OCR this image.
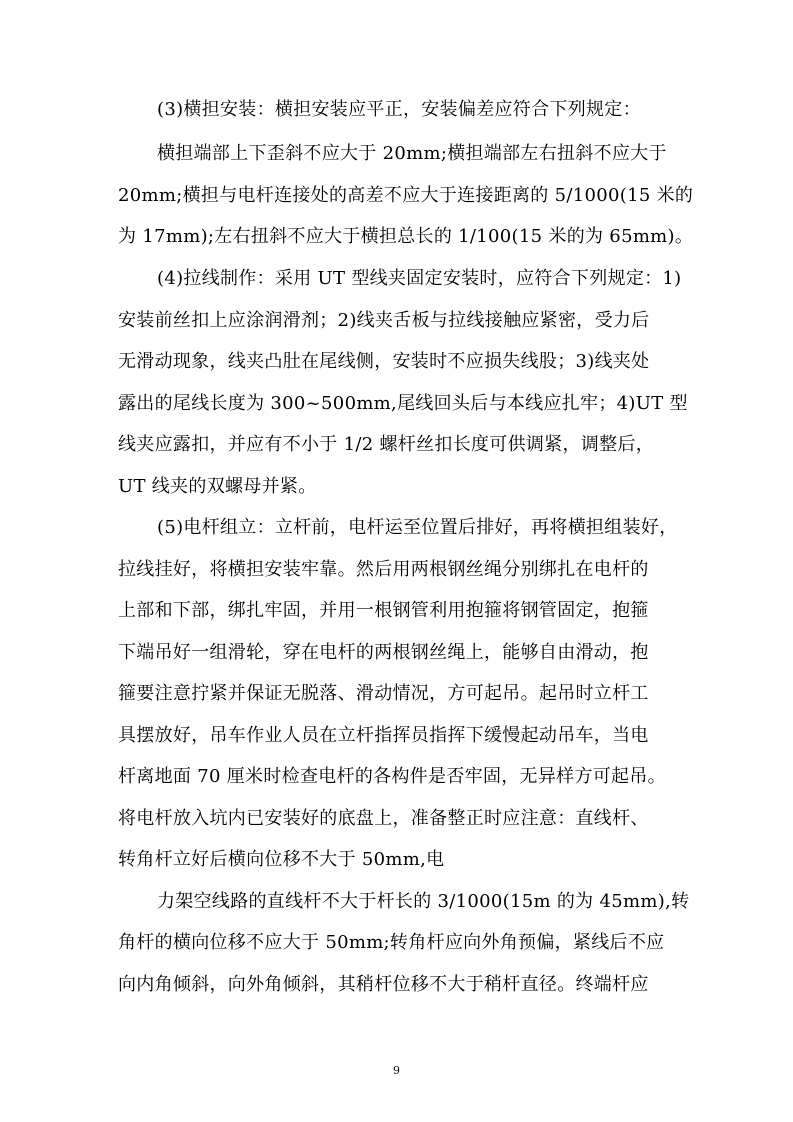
(3)横担安装：横担安装应平正，安装偏差应符合下列规定：
横担端部上下歪斜不应大于 20mm;横担端部左右扭斜不应大于
20mm;横担与电杆连接处的高差不应大于连接距离的 5/1000(15 米的
为 17mm);左右扭斜不应大于横担总长的 1/100(15 米的为 65mm)。
(4)拉线制作：采用 UT 型线夹固定安装时，应符合下列规定：1)
安装前丝扣上应涂润滑剂；2)线夹舌板与拉线接触应紧密，受力后
无滑动现象，线夹凸肚在尾线侧，安装时不应损失线股；3)线夹处
露出的尾线长度为 300~500mm,尾线回头后与本线应扎牢；4)UT 型
线夹应露扣，并应有不小于 1/2 螺杆丝扣长度可供调紧，调整后，
UT 线夹的双螺母并紧。
(5)电杆组立：立杆前，电杆运至位置后排好，再将横担组装好，
拉线挂好，将横担安装牢靠。然后用两根钢丝绳分别绑扎在电杆的
上部和下部，绑扎牢固，并用一根钢管利用抱箍将钢管固定，抱箍
下端吊好一组滑轮，穿在电杆的两根钢丝绳上，能够自由滑动，抱
箍要注意拧紧并保证无脱落、滑动情况，方可起吊。起吊时立杆工
具摆放好，吊车作业人员在立杆指挥员指挥下缓慢起动吊车，当电
杆离地面 70 厘米时检查电杆的各构件是否牢固，无异样方可起吊。
将电杆放入坑内已安装好的底盘上，准备整正时应注意：直线杆、
转角杆立好后横向位移不大于 50mm,电
力架空线路的直线杆不大于杆长的 3/1000(15m 的为 45mm),转
角杆的横向位移不应大于 50mm;转角杆应向外角预偏，紧线后不应
向内角倾斜，向外角倾斜，其稍杆位移不大于稍杆直径。终端杆应
9
